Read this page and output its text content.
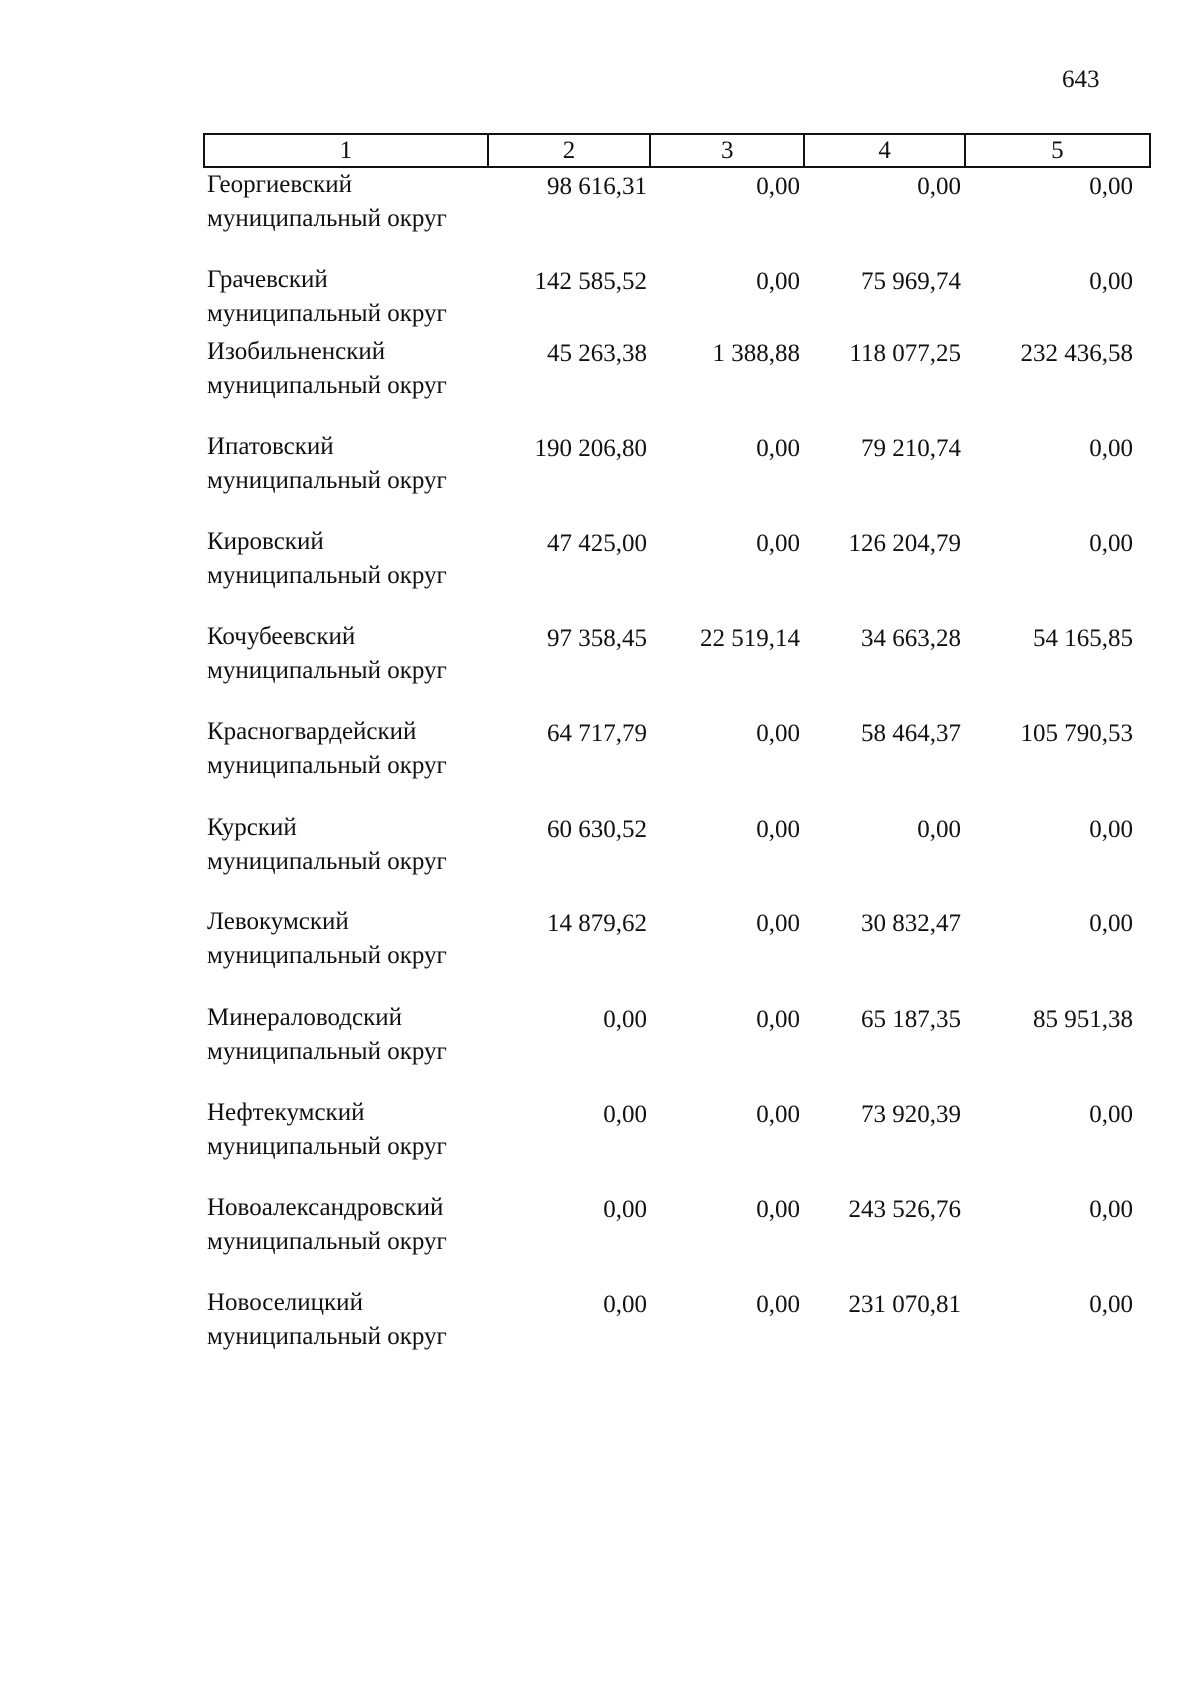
643
1	2	3	4	5
Георгиевский
муниципальный округ
98 616,31	0,00	0,00	0,00
Грачевский
муниципальный округ
142 585,52	0,00	75 969,74	0,00
Изобильненский
муниципальный округ
45 263,38	1 388,88	118 077,25	232 436,58
Ипатовский
муниципальный округ
190 206,80	0,00	79 210,74	0,00
Кировский
муниципальный округ
47 425,00	0,00	126 204,79	0,00
Кочубеевский
муниципальный округ
97 358,45	22 519,14	34 663,28	54 165,85
Красногвардейский
муниципальный округ
64 717,79	0,00	58 464,37	105 790,53
Курский
муниципальный округ
60 630,52	0,00	0,00	0,00
Левокумский
муниципальный округ
14 879,62	0,00	30 832,47	0,00
Минераловодский
муниципальный округ
0,00	0,00	65 187,35	85 951,38
Нефтекумский
муниципальный округ
0,00	0,00	73 920,39	0,00
Новоалександровский
муниципальный округ
0,00	0,00	243 526,76	0,00
Новоселицкий
муниципальный округ
0,00	0,00	231 070,81	0,00
